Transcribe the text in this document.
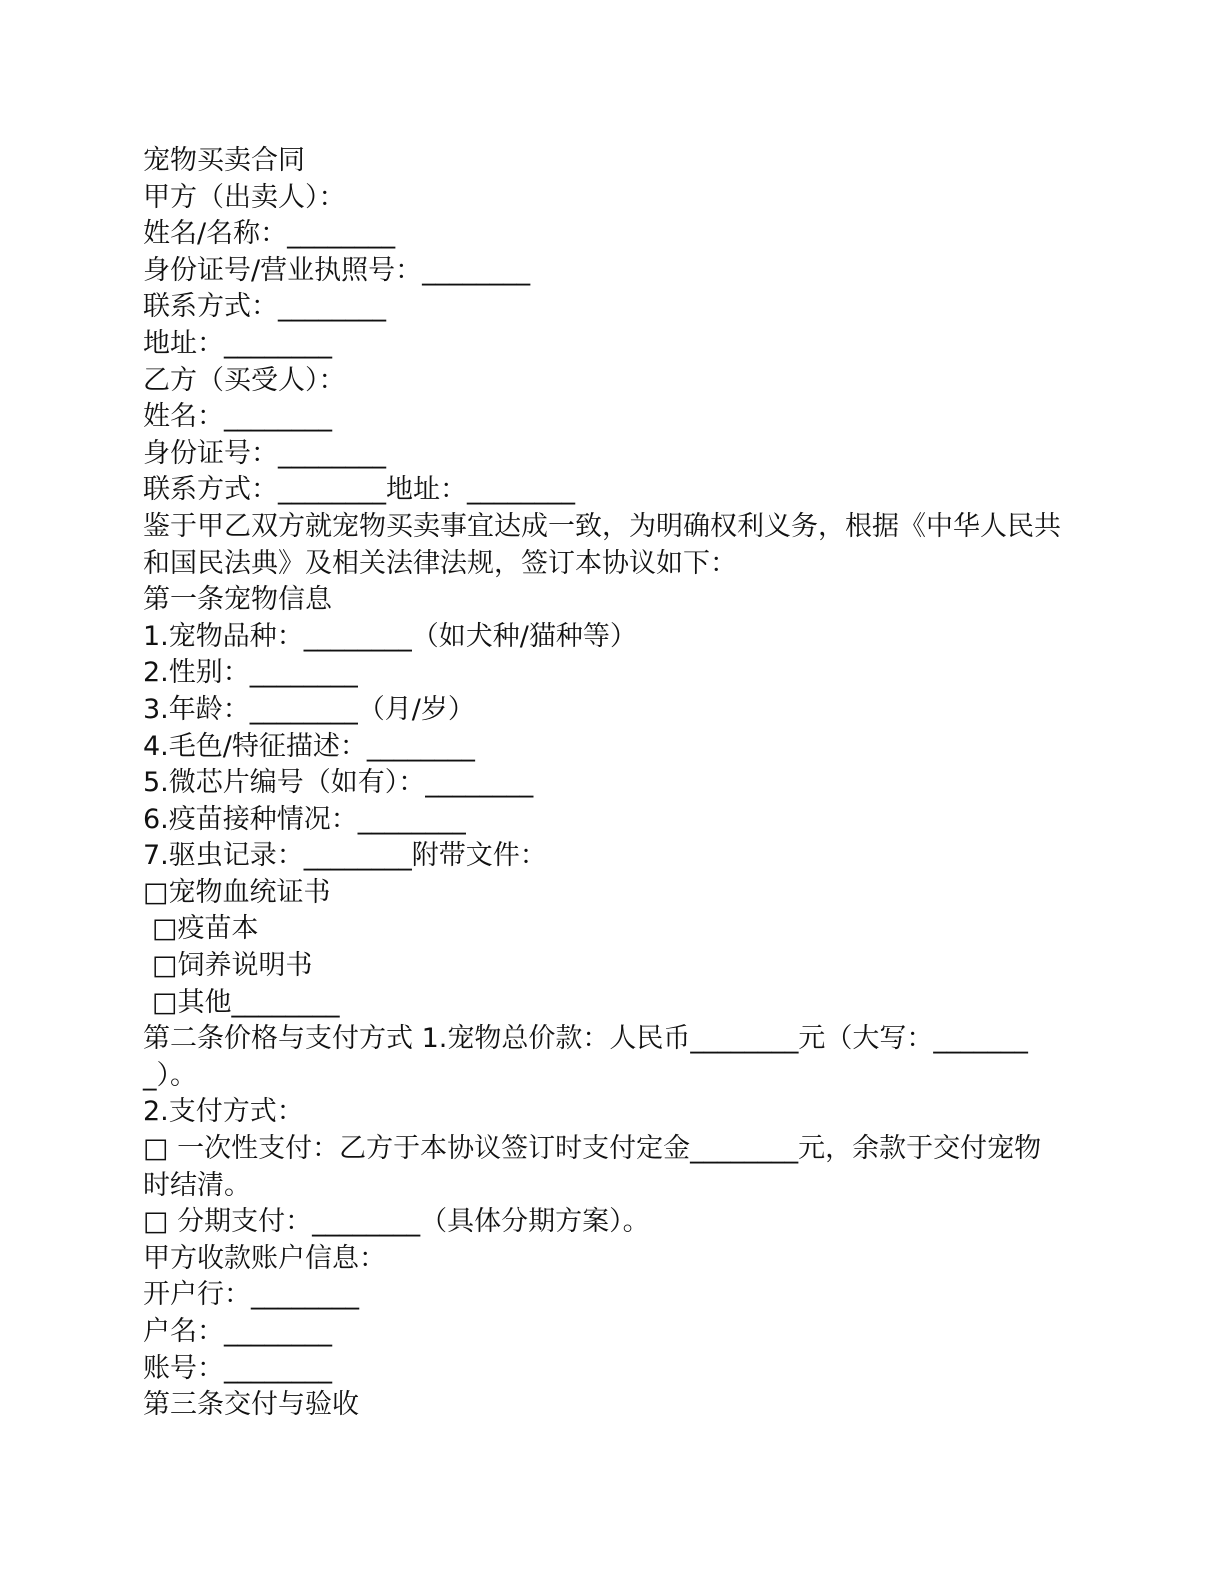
宠物买卖合同

甲方（出卖人）：

姓名/名称：________

身份证号/营业执照号：________

联系方式：________

地址：________

乙方（买受人）：

姓名：________

身份证号：________

联系方式：________地址：________

鉴于甲乙双方就宠物买卖事宜达成一致，为明确权利义务，根据《中华人民共和国民法典》及相关法律法规，签订本协议如下：

第一条宠物信息

1.宠物品种：________（如犬种/猫种等）

2.性别：________

3.年龄：________（月/岁）

4.毛色/特征描述：________

5.微芯片编号（如有）：________

6.疫苗接种情况：________

7.驱虫记录：________附带文件：

□宠物血统证书

□疫苗本

□饲养说明书

□其他________

第二条价格与支付方式 1.宠物总价款：人民币________元（大写：________）。

2.支付方式：

□ 一次性支付：乙方于本协议签订时支付定金________元，余款于交付宠物时结清。

□ 分期支付：________（具体分期方案）。

甲方收款账户信息：

开户行：________

户名：________

账号：________

第三条交付与验收
